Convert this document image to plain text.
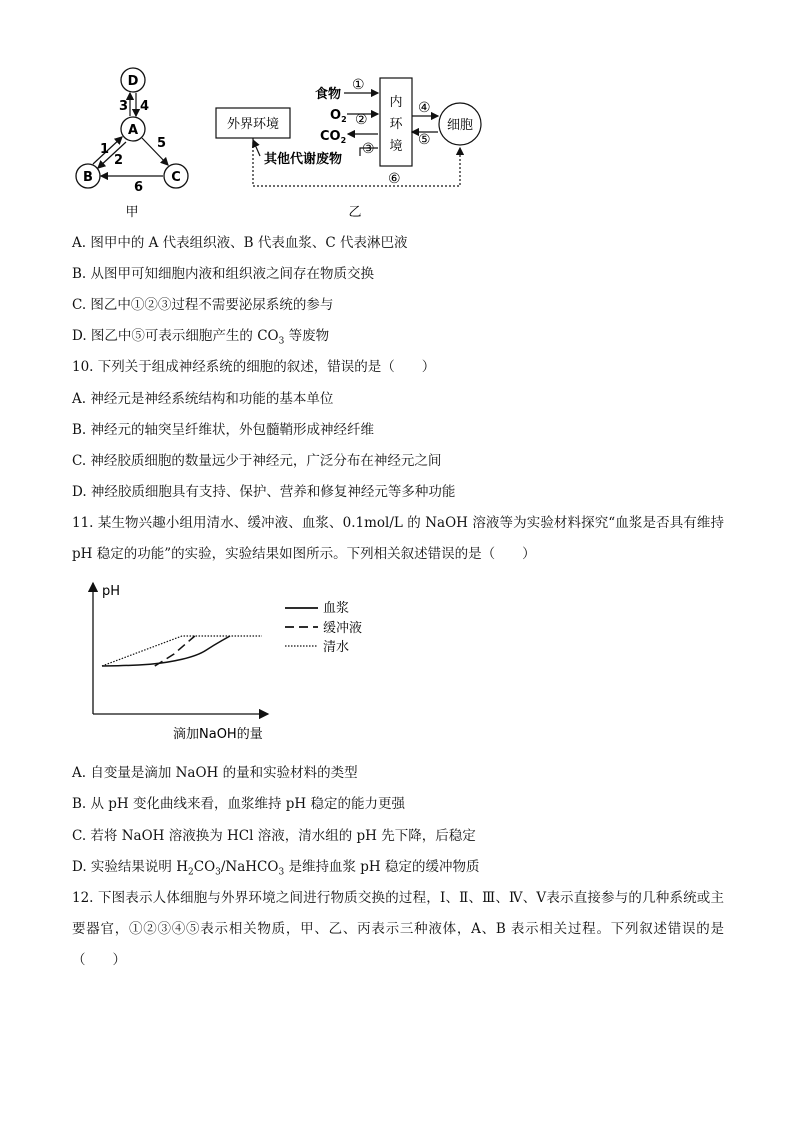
D
A
B	C
3 4
1
2
5
6
甲
外界环境
内
环
境
细胞
食物
①
$O_2$ ②
$CO_2$
③
其他代谢废物
④
⑤
⑥
乙
A. 图甲中的 A 代表组织液、B 代表血浆、C 代表淋巴液
B. 从图甲可知细胞内液和组织液之间存在物质交换
C. 图乙中①②③过程不需要泌尿系统的参与
D. 图乙中⑤可表示细胞产生的 $CO_3$ 等废物
10. 下列关于组成神经系统的细胞的叙述，错误的是（　　）
A. 神经元是神经系统结构和功能的基本单位
B. 神经元的轴突呈纤维状，外包髓鞘形成神经纤维
C. 神经胶质细胞的数量远少于神经元，广泛分布在神经元之间
D. 神经胶质细胞具有支持、保护、营养和修复神经元等多种功能
11. 某生物兴趣小组用清水、缓冲液、血浆、0.1mol/L 的 NaOH 溶液等为实验材料探究“血浆是否具有维持 pH 稳定的功能”的实验，实验结果如图所示。下列相关叙述错误的是（　　）
pH
滴加NaOH的量
血浆
缓冲液
清水
A. 自变量是滴加 NaOH 的量和实验材料的类型
B. 从 pH 变化曲线来看，血浆维持 pH 稳定的能力更强
C. 若将 NaOH 溶液换为 HCl 溶液，清水组的 pH 先下降，后稳定
D. 实验结果说明 $H_2CO_3/NaHCO_3$ 是维持血浆 pH 稳定的缓冲物质
12. 下图表示人体细胞与外界环境之间进行物质交换的过程，Ⅰ、Ⅱ、Ⅲ、Ⅳ、Ⅴ表示直接参与的几种系统或主要器官，①②③④⑤表示相关物质，甲、乙、丙表示三种液体，A、B 表示相关过程。下列叙述错误的是（　　）
